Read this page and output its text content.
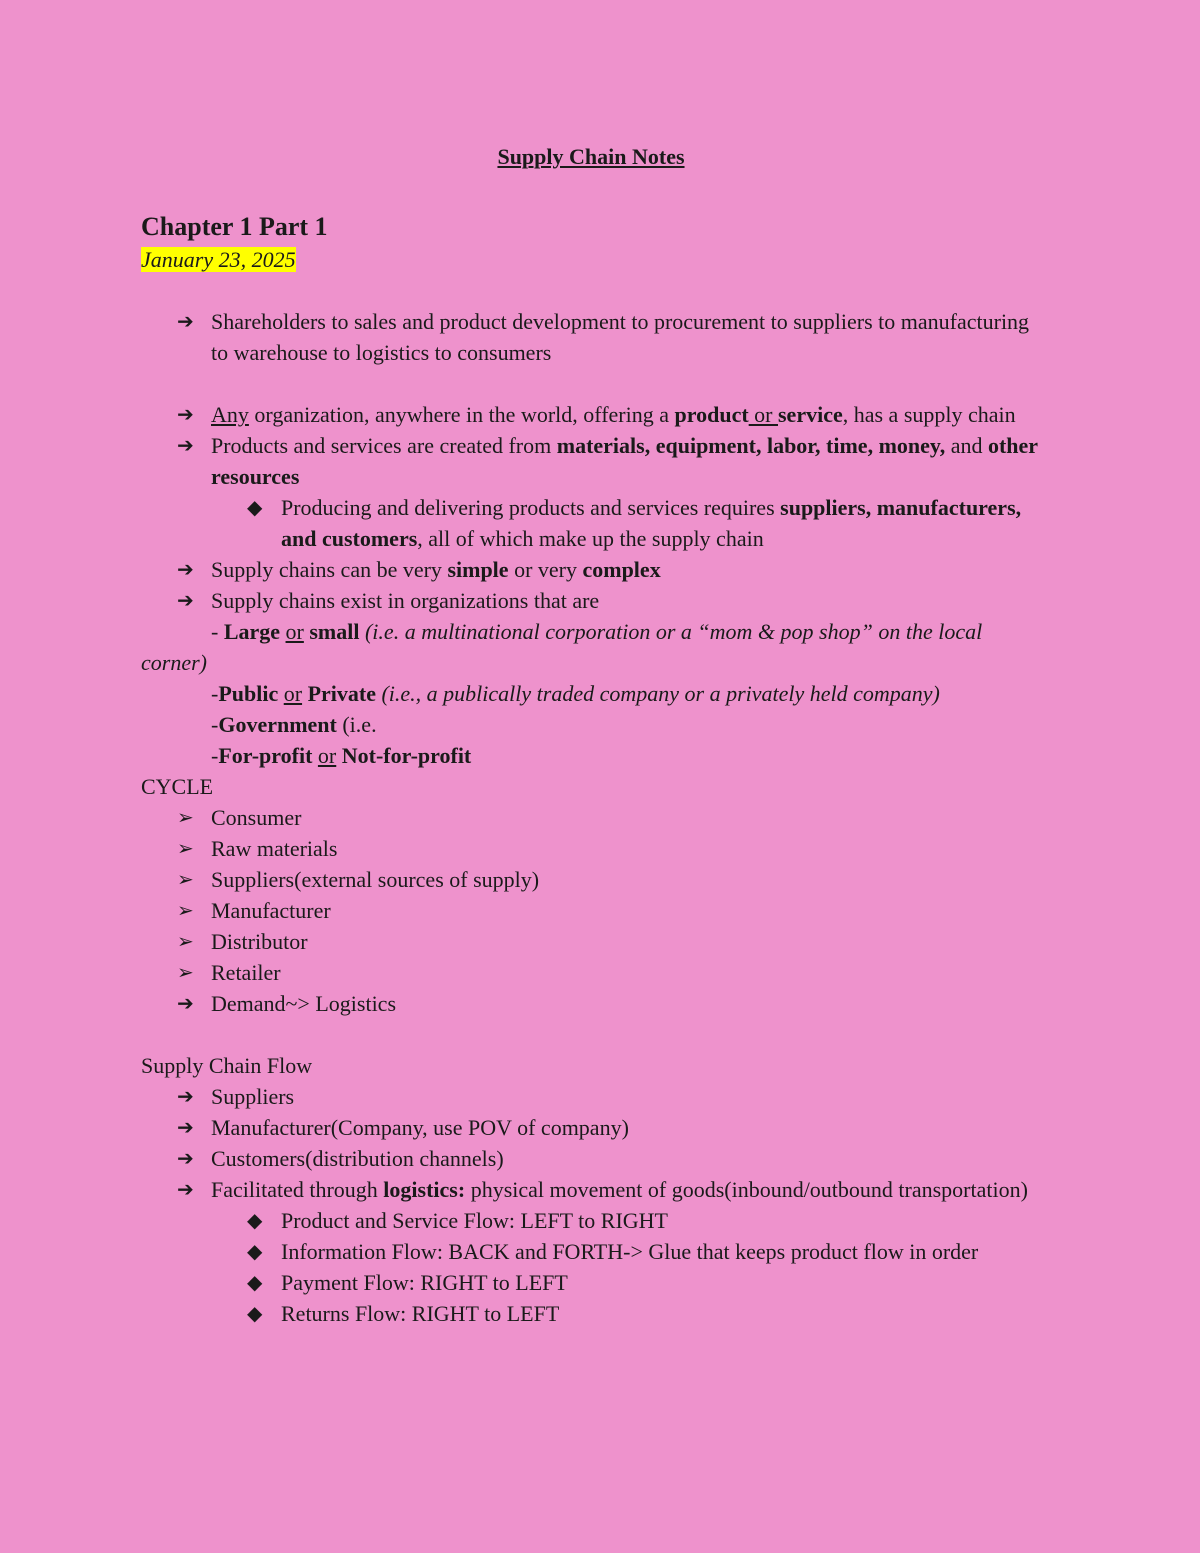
Supply Chain Notes
Chapter 1 Part 1
January 23, 2025
➔ Shareholders to sales and product development to procurement to suppliers to manufacturing to warehouse to logistics to consumers
➔ Any organization, anywhere in the world, offering a product or service, has a supply chain
➔ Products and services are created from materials, equipment, labor, time, money, and other resources
◆ Producing and delivering products and services requires suppliers, manufacturers, and customers, all of which make up the supply chain
➔ Supply chains can be very simple or very complex
➔ Supply chains exist in organizations that are
- Large or small (i.e. a multinational corporation or a “mom & pop shop” on the local corner)
-Public or Private (i.e., a publically traded company or a privately held company)
-Government (i.e.
-For-profit or Not-for-profit
CYCLE
➢ Consumer
➢ Raw materials
➢ Suppliers(external sources of supply)
➢ Manufacturer
➢ Distributor
➢ Retailer
➔ Demand~> Logistics
Supply Chain Flow
➔ Suppliers
➔ Manufacturer(Company, use POV of company)
➔ Customers(distribution channels)
➔ Facilitated through logistics: physical movement of goods(inbound/outbound transportation)
◆ Product and Service Flow: LEFT to RIGHT
◆ Information Flow: BACK and FORTH-> Glue that keeps product flow in order
◆ Payment Flow: RIGHT to LEFT
◆ Returns Flow: RIGHT to LEFT
